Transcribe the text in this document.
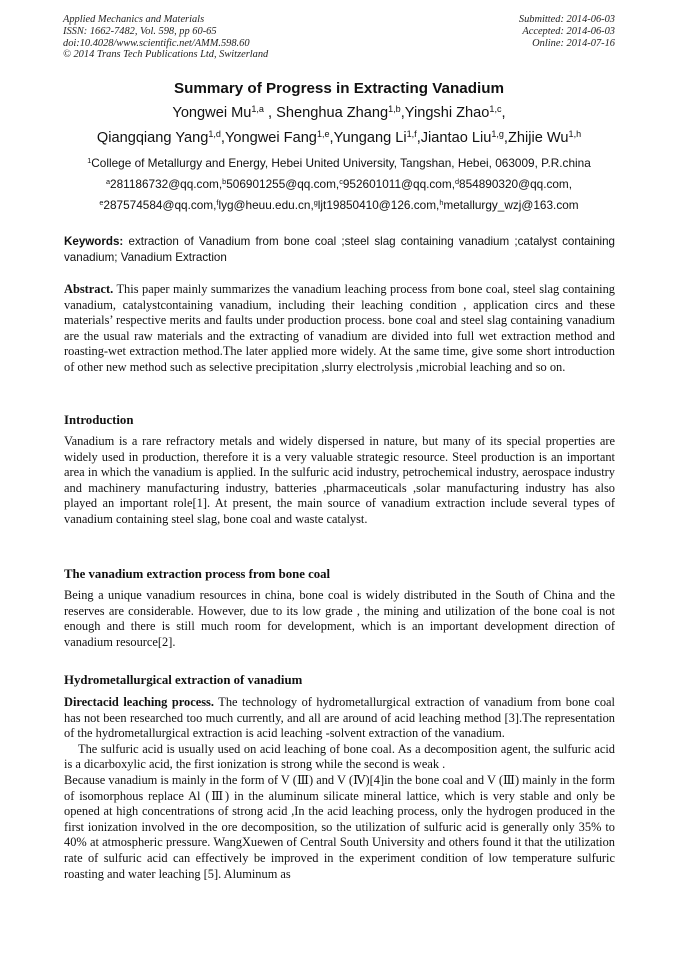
Applied Mechanics and Materials
ISSN: 1662-7482, Vol. 598, pp 60-65
doi:10.4028/www.scientific.net/AMM.598.60
© 2014 Trans Tech Publications Ltd, Switzerland
Submitted: 2014-06-03
Accepted: 2014-06-03
Online: 2014-07-16
Summary of Progress in Extracting Vanadium
Yongwei Mu$^{1,a}$ , Shenghua Zhang$^{1,b}$,Yingshi Zhao$^{1,c}$,
Qiangqiang Yang$^{1,d}$,Yongwei Fang$^{1,e}$,Yungang Li$^{1,f}$,Jiantao Liu$^{1,g}$,Zhijie Wu$^{1,h}$
$^1$College of Metallurgy and Energy, Hebei United University, Tangshan, Hebei, 063009, P.R.china
$^a$281186732@qq.com,$^b$506901255@qq.com,$^c$952601011@qq.com,$^d$854890320@qq.com,
$^e$287574584@qq.com,$^f$lyg@heuu.edu.cn,$^g$ljt19850410@126.com,$^h$metallurgy_wzj@163.com
Keywords: extraction of Vanadium from bone coal ;steel slag containing vanadium ;catalyst containing vanadium; Vanadium Extraction

Abstract. This paper mainly summarizes the vanadium leaching process from bone coal, steel slag containing vanadium, catalystcontaining vanadium, including their leaching condition , application circs and these materials’ respective merits and faults under production process. bone coal and steel slag containing vanadium are the usual raw materials and the extracting of vanadium are divided into full wet extraction method and roasting-wet extraction method.The later applied more widely. At the same time, give some short introduction of other new method such as selective precipitation ,slurry electrolysis ,microbial leaching and so on.

Introduction

Vanadium is a rare refractory metals and widely dispersed in nature, but many of its special properties are widely used in production, therefore it is a very valuable strategic resource. Steel production is an important area in which the vanadium is applied. In the sulfuric acid industry, petrochemical industry, aerospace industry and machinery manufacturing industry, batteries ,pharmaceuticals ,solar manufacturing industry has also played an important role[1]. At present, the main source of vanadium extraction include several types of vanadium containing steel slag, bone coal and waste catalyst.

The vanadium extraction process from bone coal

Being a unique vanadium resources in china, bone coal is widely distributed in the South of China and the reserves are considerable. However, due to its low grade , the mining and utilization of the bone coal is not enough and there is still much room for development, which is an important development direction of vanadium resource[2].

Hydrometallurgical extraction of vanadium

Directacid leaching process. The technology of hydrometallurgical extraction of vanadium from bone coal has not been researched too much currently, and all are around of acid leaching method [3].The representation of the hydrometallurgical extraction is acid leaching -solvent extraction of the vanadium.

The sulfuric acid is usually used on acid leaching of bone coal. As a decomposition agent, the sulfuric acid is a dicarboxylic acid, the first ionization is strong while the second is weak .

Because vanadium is mainly in the form of V (Ⅲ) and V (Ⅳ)[4]in the bone coal and V (Ⅲ) mainly in the form of isomorphous replace Al (Ⅲ) in the aluminum silicate mineral lattice, which is very stable and only be opened at high concentrations of strong acid ,In the acid leaching process, only the hydrogen produced in the first ionization involved in the ore decomposition, so the utilization of sulfuric acid is generally only 35% to 40% at atmospheric pressure. WangXuewen of Central South University and others found it that the utilization rate of sulfuric acid can effectively be improved in the experiment condition of low temperature sulfuric roasting and water leaching [5]. Aluminum as
